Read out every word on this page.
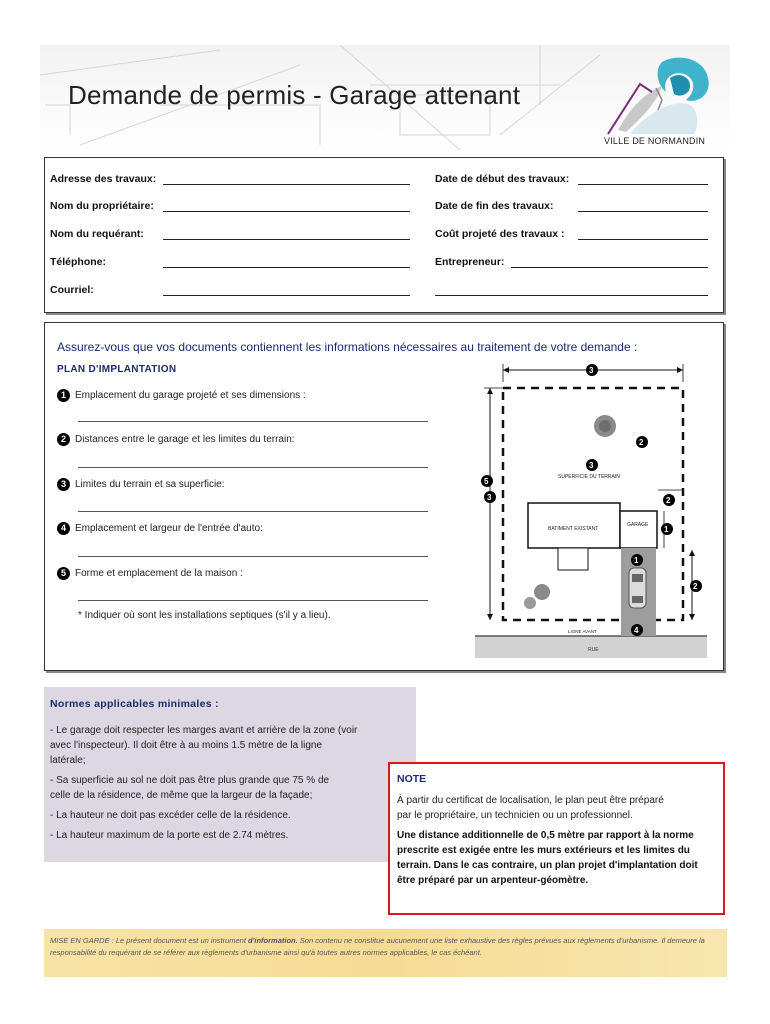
Demande de permis - Garage attenant
VILLE DE NORMANDIN
Adresse des travaux:
Nom du propriétaire:
Nom du requérant:
Téléphone:
Courriel:
Date de début des travaux:
Date de fin des travaux:
Coût projeté des travaux :
Entrepreneur:
Assurez-vous que vos documents contiennent les informations nécessaires au traitement de votre demande :
PLAN D'IMPLANTATION
1 Emplacement du garage projeté et ses dimensions :
2 Distances entre le garage et les limites du terrain:
3 Limites du terrain et sa superficie:
4 Emplacement et largeur de l'entrée d'auto:
5 Forme et emplacement de la maison :
* Indiquer où sont les installations septiques (s'il y a lieu).
RUE
3
5
3
2
3
SUPERFICIE DU TERRAIN
BATIMENT EXISTANT
GARAGE
2
1
1
4
2
LIGNE AVANT
Normes applicables minimales :
- Le garage doit respecter les marges avant et arrière de la zone (voir
avec l'inspecteur). Il doit être à au moins 1.5 mètre de la ligne
latérale;
- Sa superficie au sol ne doit pas être plus grande que 75 % de
celle de la résidence, de même que la largeur de la façade;
- La hauteur ne doit pas excéder celle de la résidence.
- La hauteur maximum de la porte est de 2.74 mètres.
NOTE
À partir du certificat de localisation, le plan peut être préparé
par le propriétaire, un technicien ou un professionnel.
Une distance additionnelle de 0,5 mètre par rapport à la norme
prescrite est exigée entre les murs extérieurs et les limites du
terrain. Dans le cas contraire, un plan projet d'implantation doit
être préparé par un arpenteur-géomètre.
MISE EN GARDE : Le présent document est un instrument d'information. Son contenu ne constitue aucunement une liste exhaustive des règles prévues aux règlements d'urbanisme. Il demeure la responsabilité du requérant de se référer aux règlements d'urbanisme ainsi qu'à toutes autres normes applicables, le cas échéant.
